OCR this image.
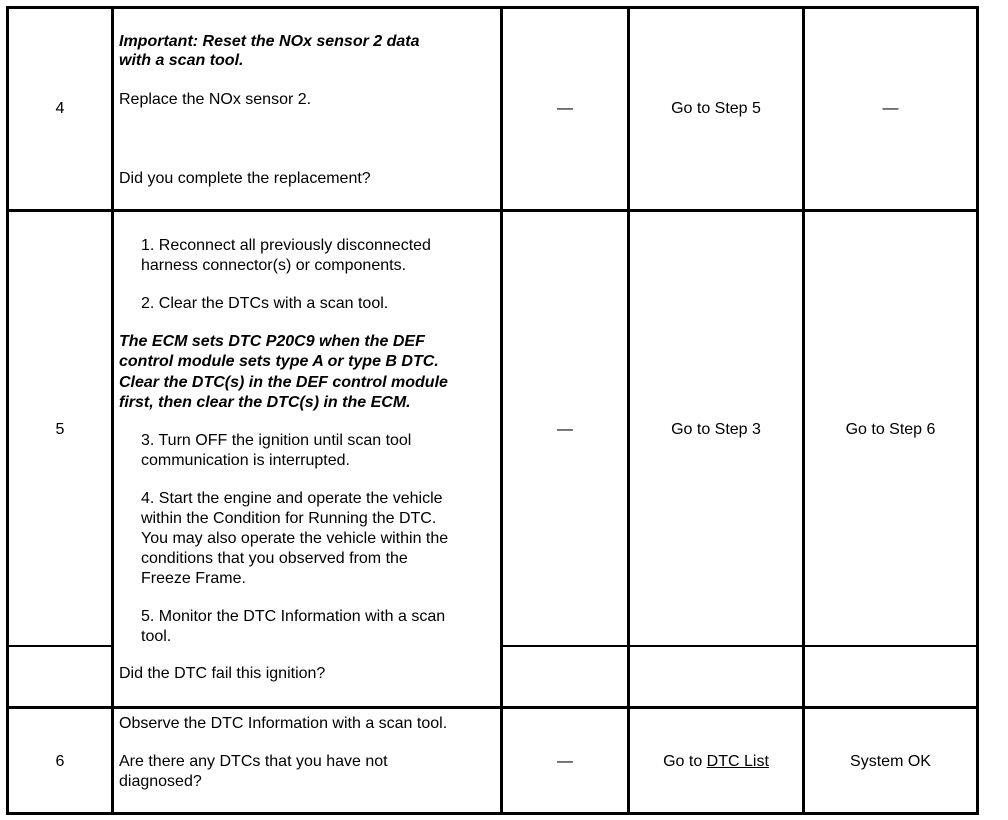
4
Important: Reset the NOx sensor 2 data
with a scan tool.
Replace the NOx sensor 2.
Did you complete the replacement?
—	Go to Step 5	—
5
1. Reconnect all previously disconnected
harness connector(s) or components.
2. Clear the DTCs with a scan tool.
The ECM sets DTC P20C9 when the DEF
control module sets type A or type B DTC.
Clear the DTC(s) in the DEF control module
first, then clear the DTC(s) in the ECM.
3. Turn OFF the ignition until scan tool
communication is interrupted.
4. Start the engine and operate the vehicle
within the Condition for Running the DTC.
You may also operate the vehicle within the
conditions that you observed from the
Freeze Frame.
5. Monitor the DTC Information with a scan
tool.
Did the DTC fail this ignition?
—	Go to Step 3	Go to Step 6
6
Observe the DTC Information with a scan tool.
Are there any DTCs that you have not
diagnosed?
—	Go to DTC List	System OK
